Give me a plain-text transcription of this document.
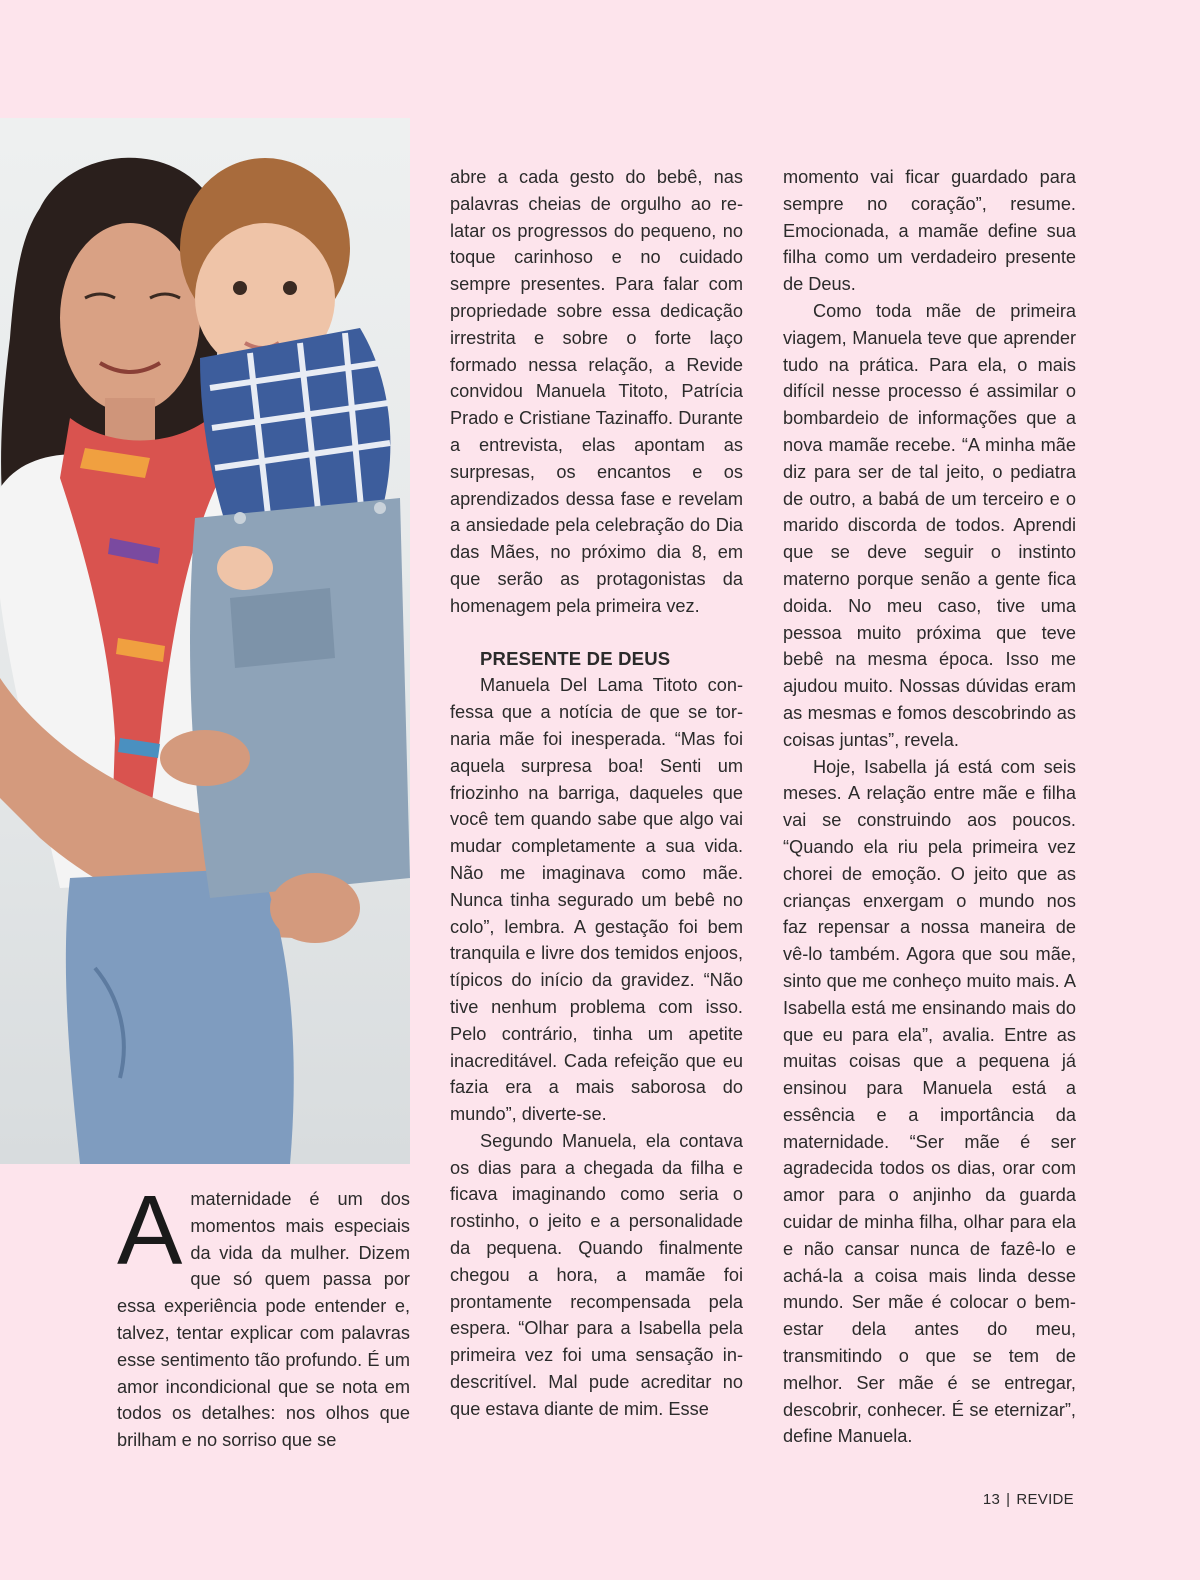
Amaternidade é um dos momentos mais especiais da vida da mulher. Dizem que só quem passa por essa experiência pode entender e, talvez, tentar explicar com palavras esse sentimento tão profundo. É um amor incondicional que se nota em todos os detalhes: nos olhos que brilham e no sorriso que se

abre a cada gesto do bebê, nas palavras cheias de orgulho ao relatar os progressos do pequeno, no toque carinhoso e no cuidado sempre presentes. Para falar com propriedade sobre essa dedicação irrestrita e sobre o forte laço formado nessa relação, a Revide convidou Manuela Titoto, Patrícia Prado e Cristiane Tazinaffo. Durante a entrevista, elas apontam as surpresas, os encantos e os aprendizados dessa fase e revelam a ansiedade pela celebração do Dia das Mães, no próximo dia 8, em que serão as protagonistas da homenagem pela primeira vez.

PRESENTE DE DEUS

Manuela Del Lama Titoto confessa que a notícia de que se tornaria mãe foi inesperada. “Mas foi aquela surpresa boa! Senti um friozinho na barriga, daqueles que você tem quando sabe que algo vai mudar completamente a sua vida. Não me imaginava como mãe. Nunca tinha segurado um bebê no colo”, lembra. A gestação foi bem tranquila e livre dos temidos enjoos, típicos do início da gravidez. “Não tive nenhum problema com isso. Pelo contrário, tinha um apetite inacreditável. Cada refeição que eu fazia era a mais saborosa do mundo”, diverte-se.

Segundo Manuela, ela contava os dias para a chegada da filha e ficava imaginando como seria o rostinho, o jeito e a personalidade da pequena. Quando finalmente chegou a hora, a mamãe foi prontamente recompensada pela espera. “Olhar para a Isabella pela primeira vez foi uma sensação indescritível. Mal pude acreditar no que estava diante de mim. Esse

momento vai ficar guardado para sempre no coração”, resume. Emocionada, a mamãe define sua filha como um verdadeiro presente de Deus.

Como toda mãe de primeira viagem, Manuela teve que aprender tudo na prática. Para ela, o mais difícil nesse processo é assimilar o bombardeio de informações que a nova mamãe recebe. “A minha mãe diz para ser de tal jeito, o pediatra de outro, a babá de um terceiro e o marido discorda de todos. Aprendi que se deve seguir o instinto materno porque senão a gente fica doida. No meu caso, tive uma pessoa muito próxima que teve bebê na mesma época. Isso me ajudou muito. Nossas dúvidas eram as mesmas e fomos descobrindo as coisas juntas”, revela.

Hoje, Isabella já está com seis meses. A relação entre mãe e filha vai se construindo aos poucos. “Quando ela riu pela primeira vez chorei de emoção. O jeito que as crianças enxergam o mundo nos faz repensar a nossa maneira de vê-lo também. Agora que sou mãe, sinto que me conheço muito mais. A Isabella está me ensinando mais do que eu para ela”, avalia. Entre as muitas coisas que a pequena já ensinou para Manuela está a essência e a importância da maternidade. “Ser mãe é ser agradecida todos os dias, orar com amor para o anjinho da guarda cuidar de minha filha, olhar para ela e não cansar nunca de fazê-lo e achá-la a coisa mais linda desse mundo. Ser mãe é colocar o bem-estar dela antes do meu, transmitindo o que se tem de melhor. Ser mãe é se entregar, descobrir, conhecer. É se eternizar”, define Manuela.

13 | REVIDE
